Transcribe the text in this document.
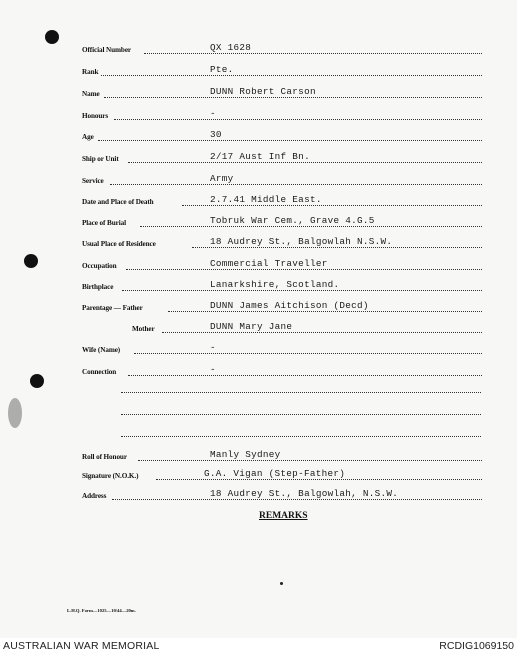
Official Number	QX 1628
Rank	Pte.
Name	DUNN Robert Carson
Honours	-
Age	30
Ship or Unit	2/17 Aust Inf Bn.
Service	Army
Date and Place of Death	2.7.41 Middle East.
Place of Burial	Tobruk War Cem., Grave 4.G.5
Usual Place of Residence	18 Audrey St., Balgowlah N.S.W.
Occupation	Commercial Traveller
Birthplace	Lanarkshire, Scotland.
Parentage — Father	DUNN James Aitchison (Decd)
Mother	DUNN Mary Jane
Wife (Name)	-
Connection	-
Roll of Honour	Manly Sydney
Signature (N.O.K.)	G.A. Vigan (Step-Father)
Address	18 Audrey St., Balgowlah, N.S.W.
REMARKS
L.H.Q. Form—1025—10/44—20m.
AUSTRALIAN WAR MEMORIAL	RCDIG1069150
